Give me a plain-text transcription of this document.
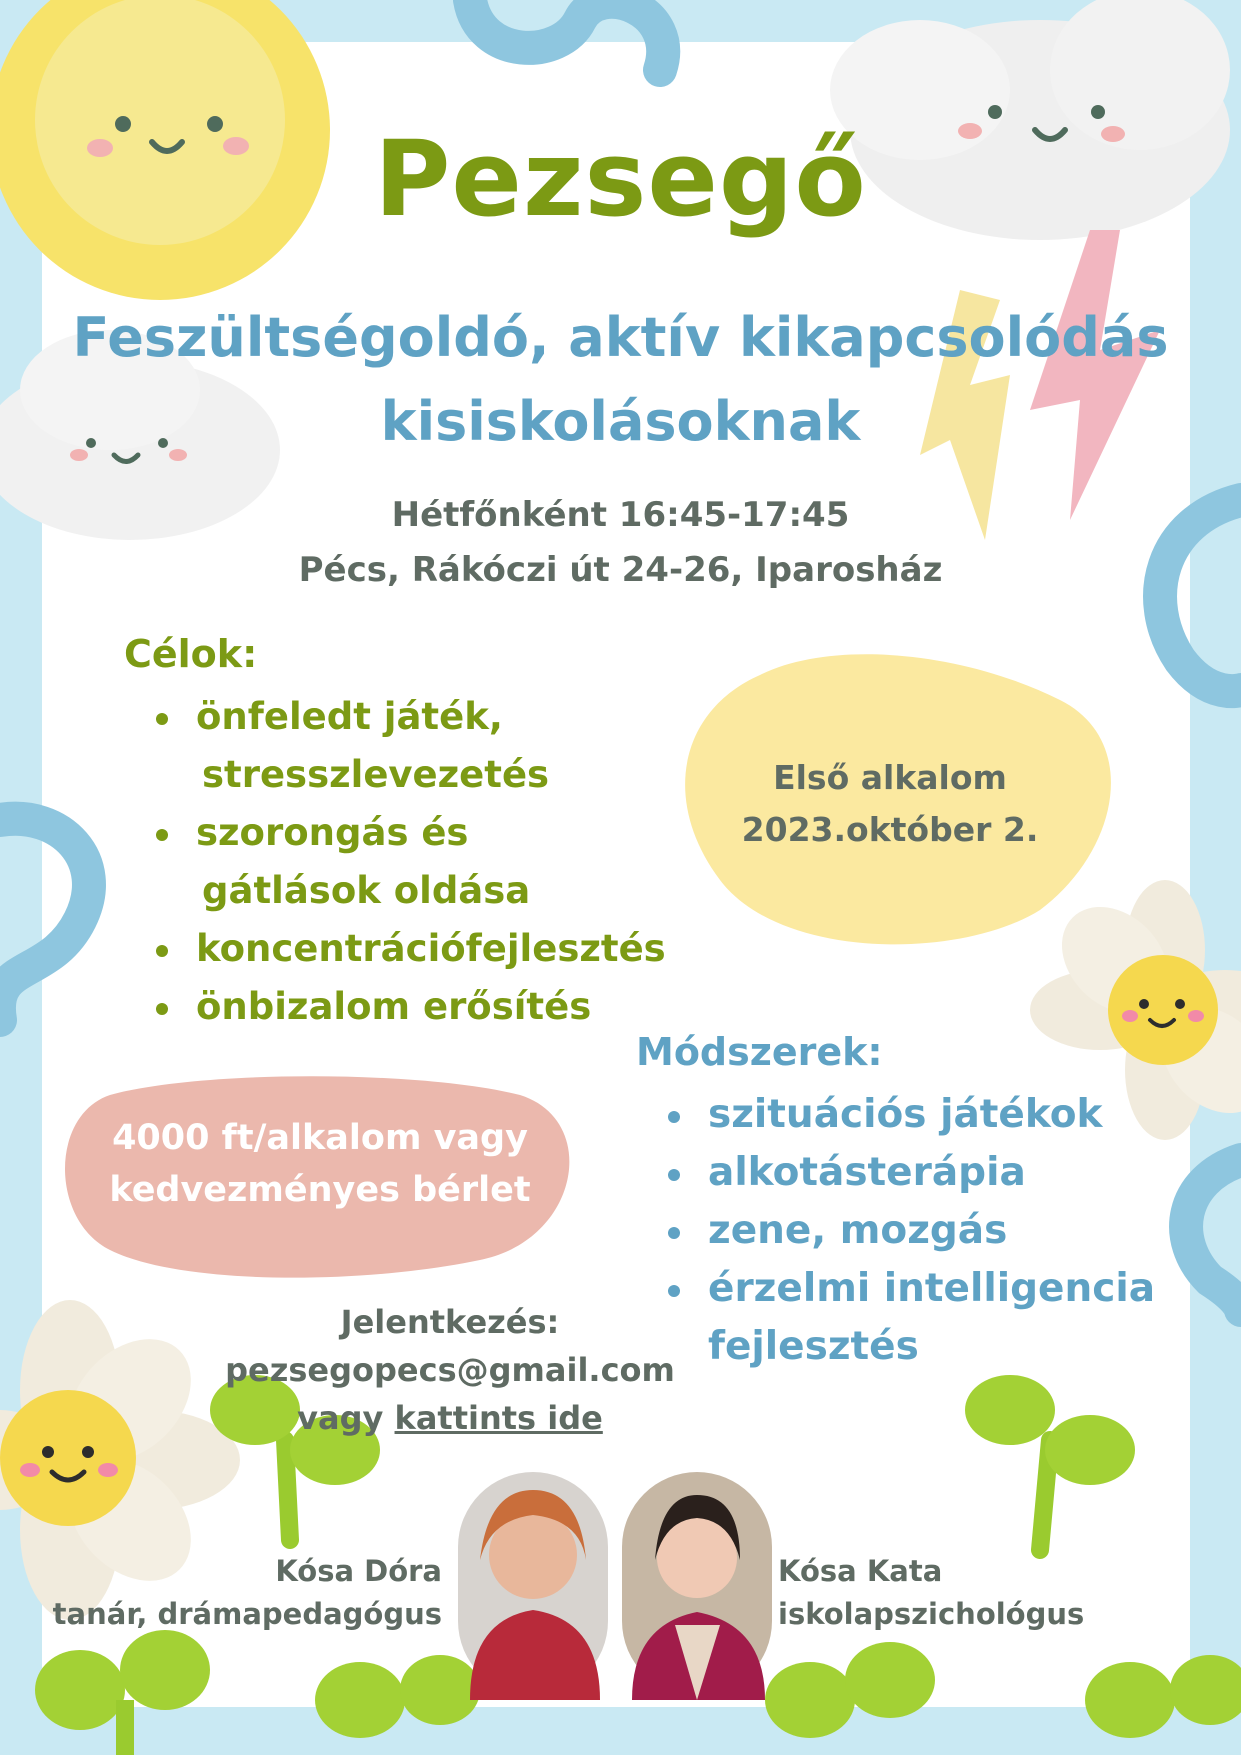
Pezsegő
Feszültségoldó, aktív kikapcsolódás
kisiskolásoknak
Hétfőnként 16:45-17:45
Pécs, Rákóczi út 24-26, Iparosház
Célok:
önfeledt játék,
stresszlevezetés
szorongás és
gátlások oldása
koncentrációfejlesztés
önbizalom erősítés
Első alkalom
2023.október 2.
Módszerek:
szituációs játékok
alkotásterápia
zene, mozgás
érzelmi intelligencia
fejlesztés
4000 ft/alkalom vagy
kedvezményes bérlet
Jelentkezés:
pezsegopecs@gmail.com
vagy kattints ide
Kósa Dóra
tanár, drámapedagógus
Kósa Kata
iskolapszichológus
